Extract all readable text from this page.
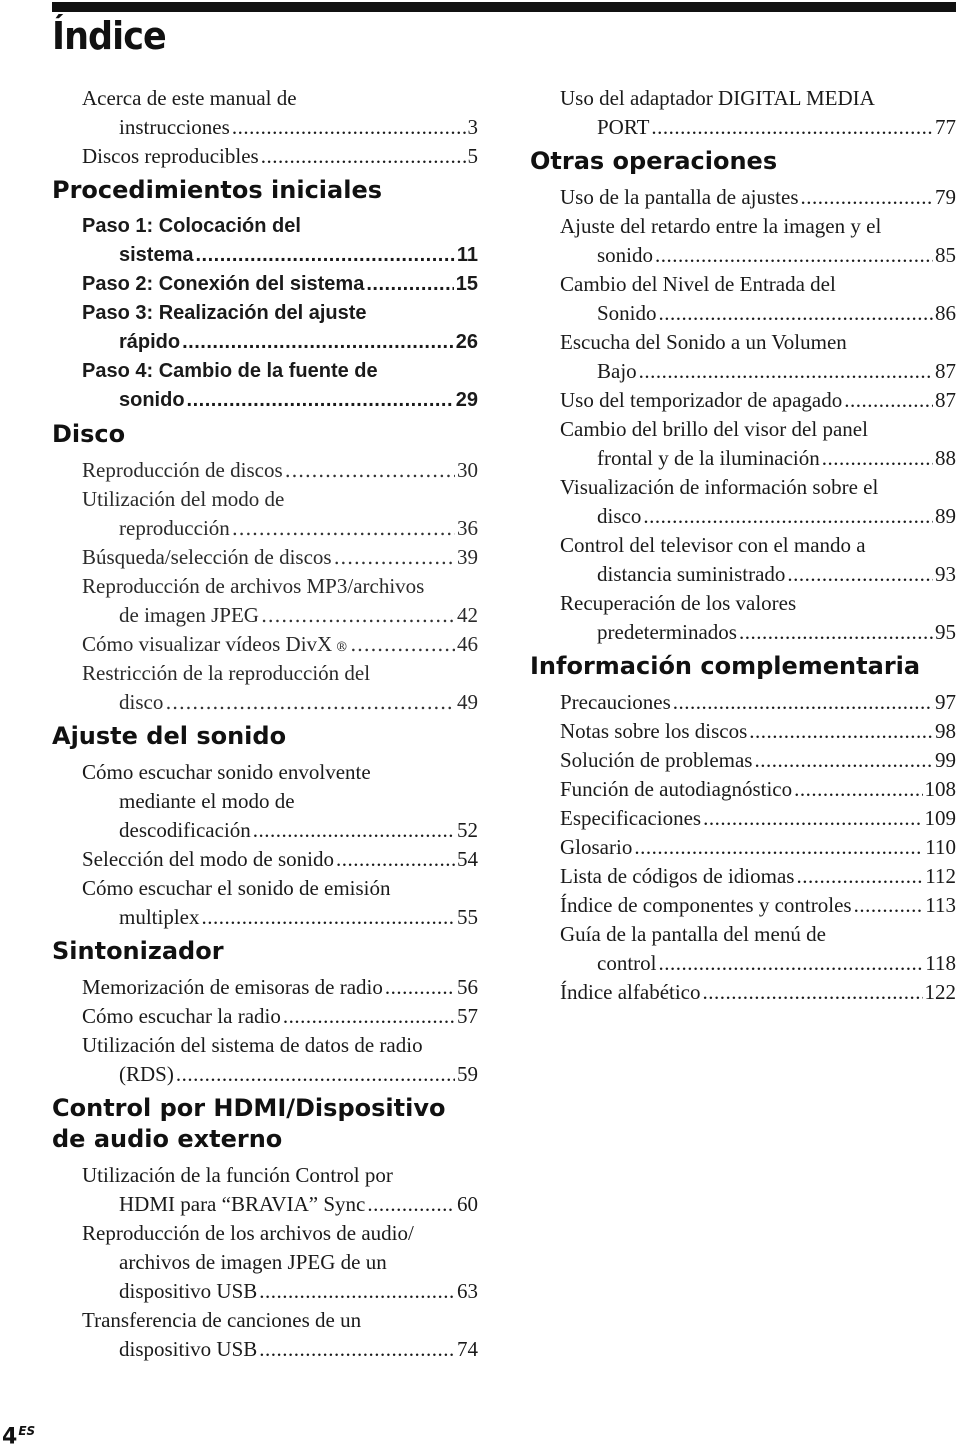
Índice
Acerca de este manual de
instrucciones .....	3
Discos reproducibles .....	5
Procedimientos iniciales
Paso 1: Colocación del
sistema .....	11
Paso 2: Conexión del sistema .....	15
Paso 3: Realización del ajuste
rápido .....	26
Paso 4: Cambio de la fuente de
sonido .....	29
Disco
Reproducción de discos .....	30
Utilización del modo de
reproducción .....	36
Búsqueda/selección de discos .....	39
Reproducción de archivos MP3/archivos
de imagen JPEG .....	42
Cómo visualizar vídeos DivX ® .....	46
Restricción de la reproducción del
disco .....	49
Ajuste del sonido
Cómo escuchar sonido envolvente
mediante el modo de
descodificación .....	52
Selección del modo de sonido .....	54
Cómo escuchar el sonido de emisión
multiplex .....	55
Sintonizador
Memorización de emisoras de radio .....	56
Cómo escuchar la radio .....	57
Utilización del sistema de datos de radio
(RDS) .....	59
Control por HDMI/Dispositivo de audio externo
Utilización de la función Control por
HDMI para “BRAVIA” Sync .....	60
Reproducción de los archivos de audio/
archivos de imagen JPEG de un
dispositivo USB .....	63
Transferencia de canciones de un
dispositivo USB .....	74
Uso del adaptador DIGITAL MEDIA
PORT .....	77
Otras operaciones
Uso de la pantalla de ajustes .....	79
Ajuste del retardo entre la imagen y el
sonido .....	85
Cambio del Nivel de Entrada del
Sonido .....	86
Escucha del Sonido a un Volumen
Bajo .....	87
Uso del temporizador de apagado .....	87
Cambio del brillo del visor del panel
frontal y de la iluminación .....	88
Visualización de información sobre el
disco .....	89
Control del televisor con el mando a
distancia suministrado .....	93
Recuperación de los valores
predeterminados .....	95
Información complementaria
Precauciones .....	97
Notas sobre los discos .....	98
Solución de problemas .....	99
Función de autodiagnóstico .....	108
Especificaciones .....	109
Glosario .....	110
Lista de códigos de idiomas .....	112
Índice de componentes y controles .....	113
Guía de la pantalla del menú de
control .....	118
Índice alfabético .....	122
4$^{ES}$
